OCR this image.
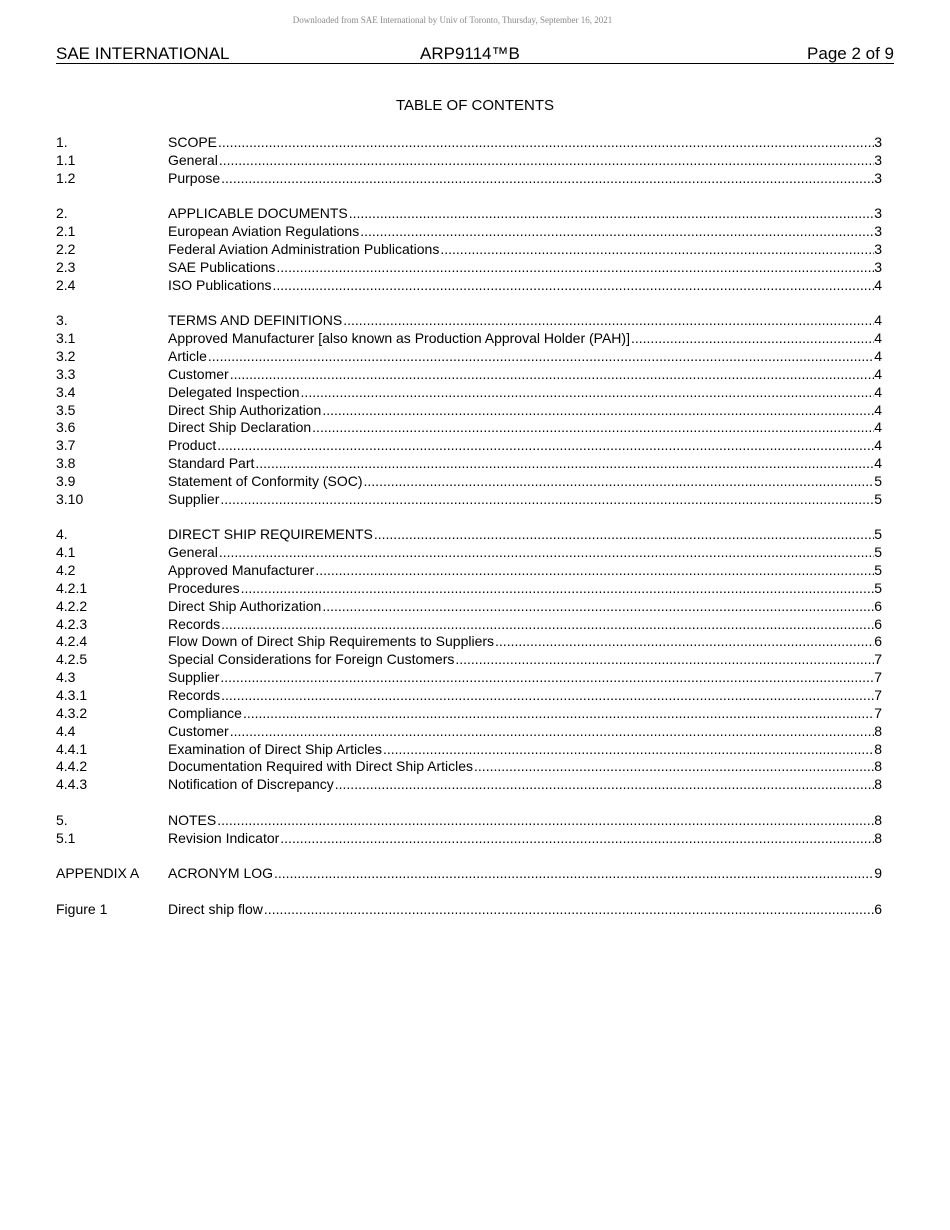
Downloaded from SAE International by Univ of Toronto, Thursday, September 16, 2021
SAE INTERNATIONAL	ARP9114™B	Page 2 of 9
TABLE OF CONTENTS
1.	SCOPE .....	3
1.1	General .....	3
1.2	Purpose .....	3
2.	APPLICABLE DOCUMENTS .....	3
2.1	European Aviation Regulations .....	3
2.2	Federal Aviation Administration Publications .....	3
2.3	SAE Publications .....	3
2.4	ISO Publications .....	4
3.	TERMS AND DEFINITIONS .....	4
3.1	Approved Manufacturer [also known as Production Approval Holder (PAH)] .....	4
3.2	Article .....	4
3.3	Customer .....	4
3.4	Delegated Inspection .....	4
3.5	Direct Ship Authorization .....	4
3.6	Direct Ship Declaration .....	4
3.7	Product .....	4
3.8	Standard Part .....	4
3.9	Statement of Conformity (SOC) .....	5
3.10	Supplier .....	5
4.	DIRECT SHIP REQUIREMENTS .....	5
4.1	General .....	5
4.2	Approved Manufacturer .....	5
4.2.1	Procedures .....	5
4.2.2	Direct Ship Authorization .....	6
4.2.3	Records .....	6
4.2.4	Flow Down of Direct Ship Requirements to Suppliers .....	6
4.2.5	Special Considerations for Foreign Customers .....	7
4.3	Supplier .....	7
4.3.1	Records .....	7
4.3.2	Compliance .....	7
4.4	Customer .....	8
4.4.1	Examination of Direct Ship Articles .....	8
4.4.2	Documentation Required with Direct Ship Articles .....	8
4.4.3	Notification of Discrepancy .....	8
5.	NOTES .....	8
5.1	Revision Indicator .....	8
APPENDIX A	ACRONYM LOG .....	9
Figure 1	Direct ship flow .....	6
